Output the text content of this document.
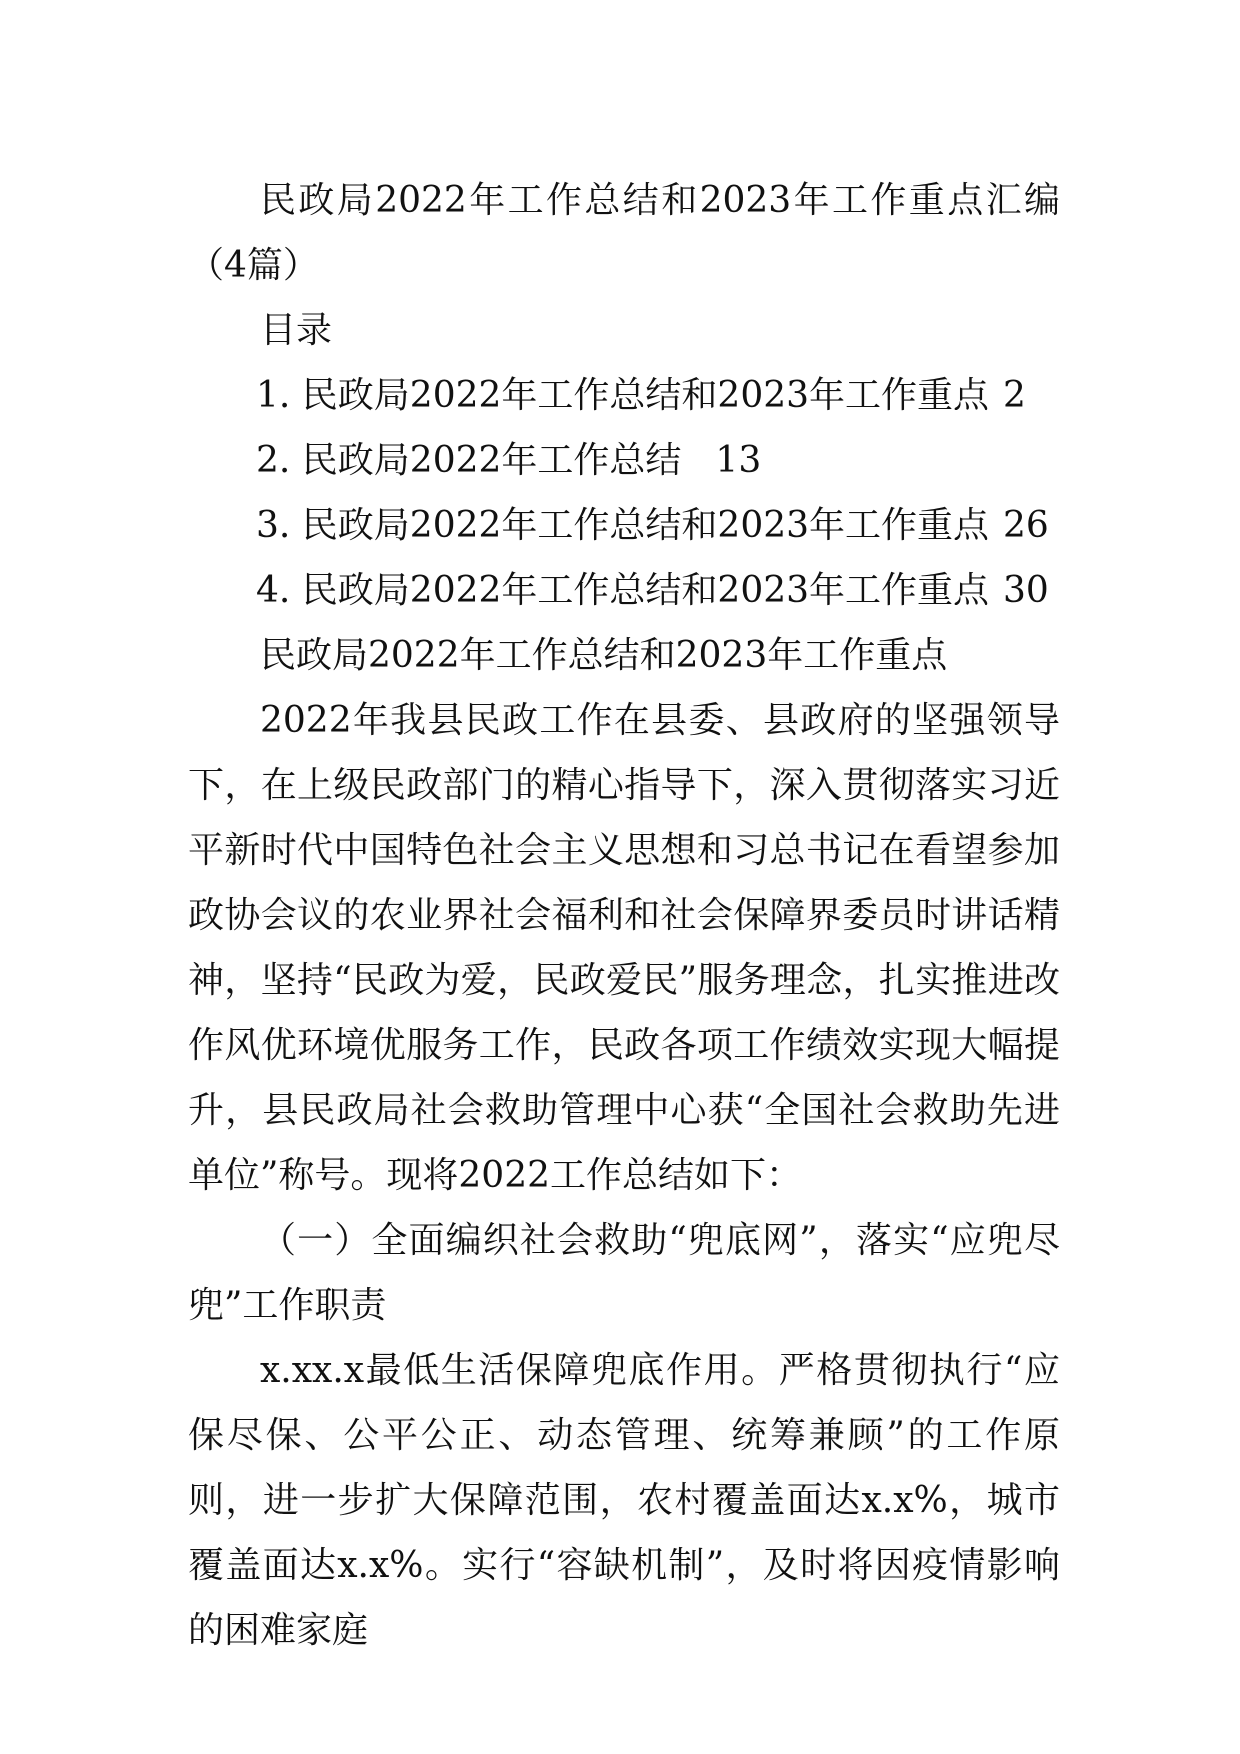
民政局2022年工作总结和2023年工作重点汇编（4篇）

目录

1. 民政局2022年工作总结和2023年工作重点 2
2. 民政局2022年工作总结 13
3. 民政局2022年工作总结和2023年工作重点 26
4. 民政局2022年工作总结和2023年工作重点 30

民政局2022年工作总结和2023年工作重点

2022年我县民政工作在县委、县政府的坚强领导下，在上级民政部门的精心指导下，深入贯彻落实习近平新时代中国特色社会主义思想和习总书记在看望参加政协会议的农业界社会福利和社会保障界委员时讲话精神，坚持“民政为爱，民政爱民”服务理念，扎实推进改作风优环境优服务工作，民政各项工作绩效实现大幅提升，县民政局社会救助管理中心获“全国社会救助先进单位”称号。现将2022工作总结如下：

（一）全面编织社会救助“兜底网”，落实“应兜尽兜”工作职责

x.xx.x最低生活保障兜底作用。严格贯彻执行“应保尽保、公平公正、动态管理、统筹兼顾”的工作原则，进一步扩大保障范围，农村覆盖面达x.x%，城市覆盖面达x.x%。实行“容缺机制”，及时将因疫情影响的困难家庭
